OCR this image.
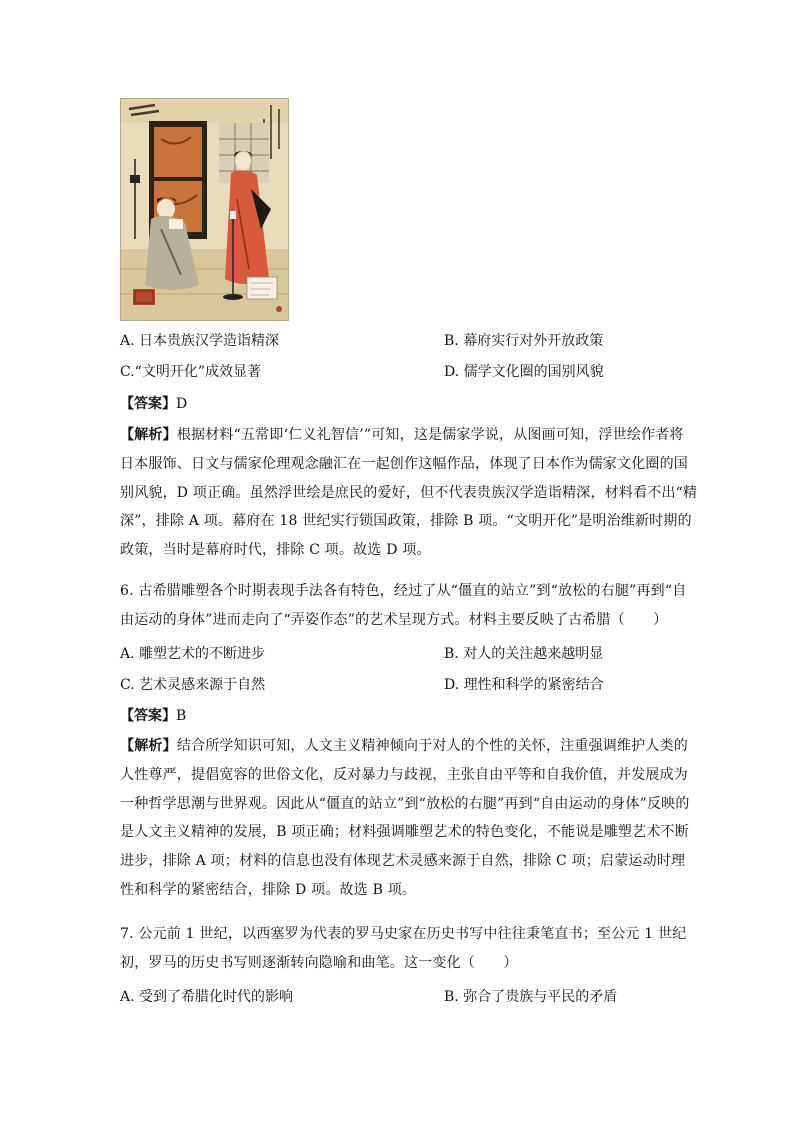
A. 日本贵族汉学造诣精深	B. 幕府实行对外开放政策
C.“文明开化”成效显著	D. 儒学文化圈的国别风貌
【答案】D
【解析】根据材料“五常即‘仁义礼智信’”可知，这是儒家学说，从图画可知，浮世绘作者将
日本服饰、日文与儒家伦理观念融汇在一起创作这幅作品，体现了日本作为儒家文化圈的国
别风貌，D 项正确。虽然浮世绘是庶民的爱好，但不代表贵族汉学造诣精深，材料看不出“精
深”，排除 A 项。幕府在 18 世纪实行锁国政策，排除 B 项。“文明开化”是明治维新时期的
政策，当时是幕府时代，排除 C 项。故选 D 项。
6. 古希腊雕塑各个时期表现手法各有特色，经过了从“僵直的站立”到“放松的右腿”再到“自
由运动的身体”进而走向了“弄姿作态”的艺术呈现方式。材料主要反映了古希腊（　　）
A. 雕塑艺术的不断进步	B. 对人的关注越来越明显
C. 艺术灵感来源于自然	D. 理性和科学的紧密结合
【答案】B
【解析】结合所学知识可知，人文主义精神倾向于对人的个性的关怀，注重强调维护人类的
人性尊严，提倡宽容的世俗文化，反对暴力与歧视，主张自由平等和自我价值，并发展成为
一种哲学思潮与世界观。因此从“僵直的站立”到“放松的右腿”再到“自由运动的身体”反映的
是人文主义精神的发展，B 项正确；材料强调雕塑艺术的特色变化，不能说是雕塑艺术不断
进步，排除 A 项；材料的信息也没有体现艺术灵感来源于自然，排除 C 项；启蒙运动时理
性和科学的紧密结合，排除 D 项。故选 B 项。
7. 公元前 1 世纪，以西塞罗为代表的罗马史家在历史书写中往往秉笔直书；至公元 1 世纪
初，罗马的历史书写则逐渐转向隐喻和曲笔。这一变化（　　）
A. 受到了希腊化时代的影响	B. 弥合了贵族与平民的矛盾
